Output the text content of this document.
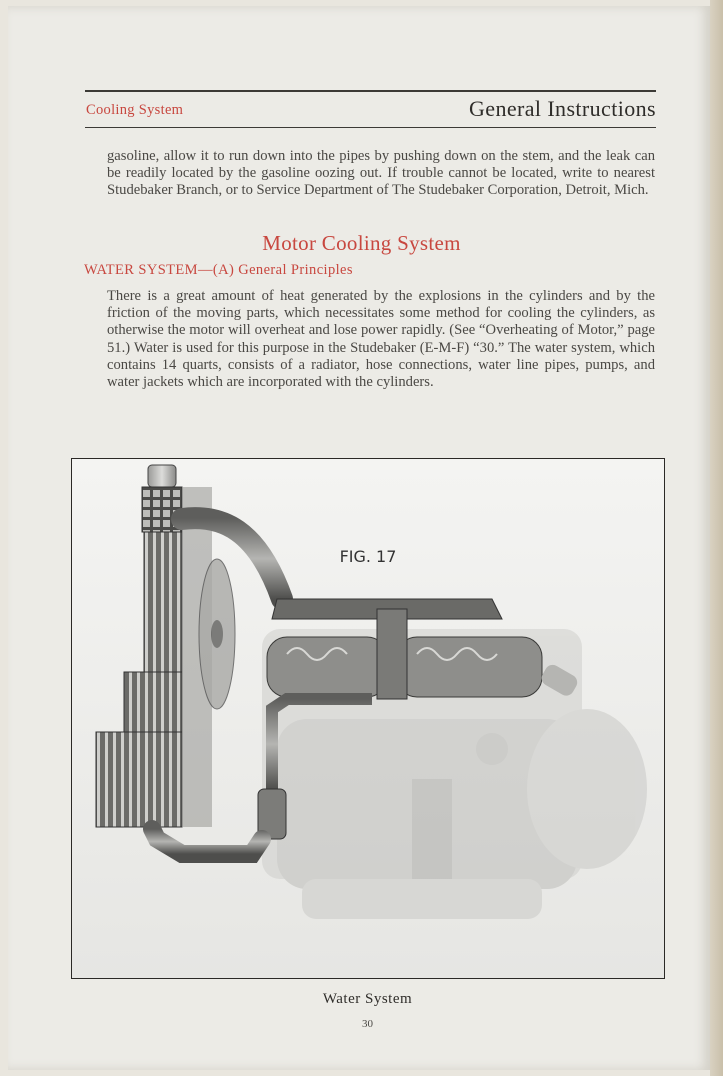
Cooling System	General Instructions

gasoline, allow it to run down into the pipes by pushing down on the stem, and the leak can be readily located by the gasoline oozing out. If trouble cannot be located, write to nearest Studebaker Branch, or to Service Department of The Studebaker Corporation, Detroit, Mich.

Motor Cooling System
WATER SYSTEM—(A) General Principles

There is a great amount of heat generated by the explosions in the cylinders and by the friction of the moving parts, which necessitates some method for cooling the cylinders, as otherwise the motor will overheat and lose power rapidly. (See “Overheating of Motor,” page 51.) Water is used for this purpose in the Studebaker (E-M-F) “30.” The water system, which contains 14 quarts, consists of a radiator, hose connections, water line pipes, pumps, and water jackets which are incorporated with the cylinders.

FIG. 17
Water System
30
